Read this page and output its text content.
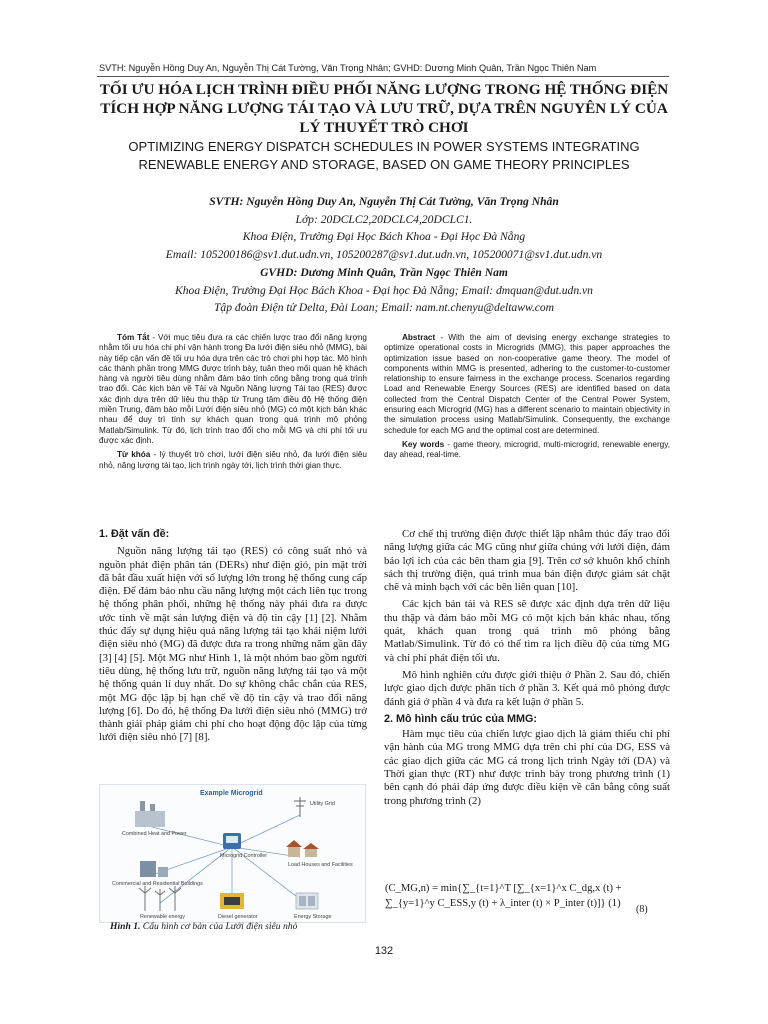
SVTH: Nguyễn Hồng Duy An, Nguyễn Thị Cát Tường, Văn Trọng Nhân; GVHD: Dương Minh Quân, Trần Ngọc Thiên Nam
TỐI ƯU HÓA LỊCH TRÌNH ĐIỀU PHỐI NĂNG LƯỢNG TRONG HỆ THỐNG ĐIỆN TÍCH HỢP NĂNG LƯỢNG TÁI TẠO VÀ LƯU TRỮ, DỰA TRÊN NGUYÊN LÝ CỦA LÝ THUYẾT TRÒ CHƠI
OPTIMIZING ENERGY DISPATCH SCHEDULES IN POWER SYSTEMS INTEGRATING RENEWABLE ENERGY AND STORAGE, BASED ON GAME THEORY PRINCIPLES
SVTH: Nguyễn Hồng Duy An, Nguyễn Thị Cát Tường, Văn Trọng Nhân
Lớp: 20DCLC2,20DCLC4,20DCLC1.
Khoa Điện, Trường Đại Học Bách Khoa - Đại Học Đà Nẵng
Email: 105200186@sv1.dut.udn.vn, 105200287@sv1.dut.udn.vn, 105200071@sv1.dut.udn.vn
GVHD: Dương Minh Quân, Trần Ngọc Thiên Nam
Khoa Điện, Trường Đại Học Bách Khoa - Đại học Đà Nẵng; Email: dmquan@dut.udn.vn
Tập đoàn Điện tử Delta, Đài Loan; Email: nam.nt.chenyu@deltaww.com
Tóm Tắt - Với mục tiêu đưa ra các chiến lược trao đổi năng lượng nhằm tối ưu hóa chi phí vận hành trong Đa lưới điện siêu nhỏ (MMG), bài này tiếp cận vấn đề tối ưu hóa dựa trên các trò chơi phi hợp tác. Mô hình các thành phần trong MMG được trình bày, tuân theo mối quan hệ khách hàng và người tiêu dùng nhằm đảm bảo tính công bằng trong quá trình trao đổi. Các kịch bản về Tải và Nguồn Năng lượng Tái tạo (RES) được xác định dựa trên dữ liệu thu thập từ Trung tâm điều độ Hệ thống điện miền Trung, đảm bảo mỗi Lưới điện siêu nhỏ (MG) có một kịch bản khác nhau để duy trì tính sự khách quan trong quá trình mô phỏng Matlab/Simulink. Từ đó, lịch trình trao đổi cho mỗi MG và chi phí tối ưu được xác định.
Từ khóa - lý thuyết trò chơi, lưới điện siêu nhỏ, đa lưới điện siêu nhỏ, năng lượng tái tạo, lịch trình ngày tới, lịch trình thời gian thực.
Abstract - With the aim of devising energy exchange strategies to optimize operational costs in Microgrids (MMG), this paper approaches the optimization issue based on non-cooperative game theory. The model of components within MMG is presented, adhering to the customer-to-customer relationship to ensure fairness in the exchange process. Scenarios regarding Load and Renewable Energy Sources (RES) are identified based on data collected from the Central Dispatch Center of the Central Power System, ensuring each Microgrid (MG) has a different scenario to maintain objectivity in the simulation process using Matlab/Simulink. Consequently, the exchange schedule for each MG and the optimal cost are determined.
Key words - game theory, microgrid, multi-microgrid, renewable energy, day ahead, real-time.
1. Đặt vấn đề:

Nguồn năng lượng tái tạo (RES) có công suất nhỏ và nguồn phát điện phân tán (DERs) như điện gió, pin mặt trời đã bắt đầu xuất hiện với số lượng lớn trong hệ thống cung cấp điện. Để đảm bảo nhu cầu năng lượng một cách liên tục trong hệ thống phân phối, những hệ thống này phải đưa ra được ước tính về mặt sản lượng điện và độ tin cậy [1] [2]. Nhằm thúc đẩy sự dụng hiệu quả năng lượng tái tạo khái niệm lưới điện siêu nhỏ (MG) đã được đưa ra trong những năm gần đây [3] [4] [5]. Một MG như Hình 1, là một nhóm bao gồm người tiêu dùng, hệ thống lưu trữ, nguồn năng lượng tái tạo và một hệ thống quản lí duy nhất. Do sự không chắc chắn của RES, một MG độc lập bị hạn chế về độ tin cậy và trao đổi năng lượng [6]. Do đó, hệ thống Đa lưới điện siêu nhỏ (MMG) trở thành giải pháp giảm chi phí cho hoạt động độc lập của từng lưới điện siêu nhỏ [7] [8].

Cơ chế thị trường điện được thiết lập nhằm thúc đẩy trao đổi năng lượng giữa các MG cũng như giữa chúng với lưới điện, đảm bảo lợi ích của các bên tham gia [9]. Trên cơ sở khuôn khổ chính sách thị trường điện, quá trình mua bán điện được giám sát chặt chẽ và minh bạch với các bên liên quan [10].

Các kịch bản tải và RES sẽ được xác định dựa trên dữ liệu thu thập và đảm bảo mỗi MG có một kịch bản khác nhau, tổng quát, khách quan trong quá trình mô phỏng bằng Matlab/Simulink. Từ đó có thể tìm ra lịch điều độ của từng MG và chi phí phát điện tối ưu.

Mô hình nghiên cứu được giới thiệu ở Phần 2. Sau đó, chiến lược giao dịch được phân tích ở phần 3. Kết quả mô phỏng được đánh giá ở phần 4 và đưa ra kết luận ở phần 5.

2. Mô hình cấu trúc của MMG:

Hàm mục tiêu của chiến lược giao dịch là giảm thiểu chi phí vận hành của MG trong MMG dựa trên chi phí của DG, ESS và các giao dịch giữa các MG cả trong lịch trình Ngày tới (DA) và Thời gian thực (RT) như được trình bày trong phương trình (1) bên cạnh đó phải đáp ứng được điều kiện về cân bằng công suất trong phương trình (2)

(C_MG,n) = min{∑_{t=1}^T [∑_{x=1}^x C_dg,x (t) +
∑_{y=1}^y C_ESS,y (t) + λ_inter (t) × P_inter (t)]} (1)
(8)
Example Microgrid
Combined Heat and Power
Microgrid Controller
Utility Grid
Load Houses and Facilities
Commercial and Residential Buildings
Renewable energy	Diesel generator	Energy Storage
Hình 1. Cấu hình cơ bản của Lưới điện siêu nhỏ
132
